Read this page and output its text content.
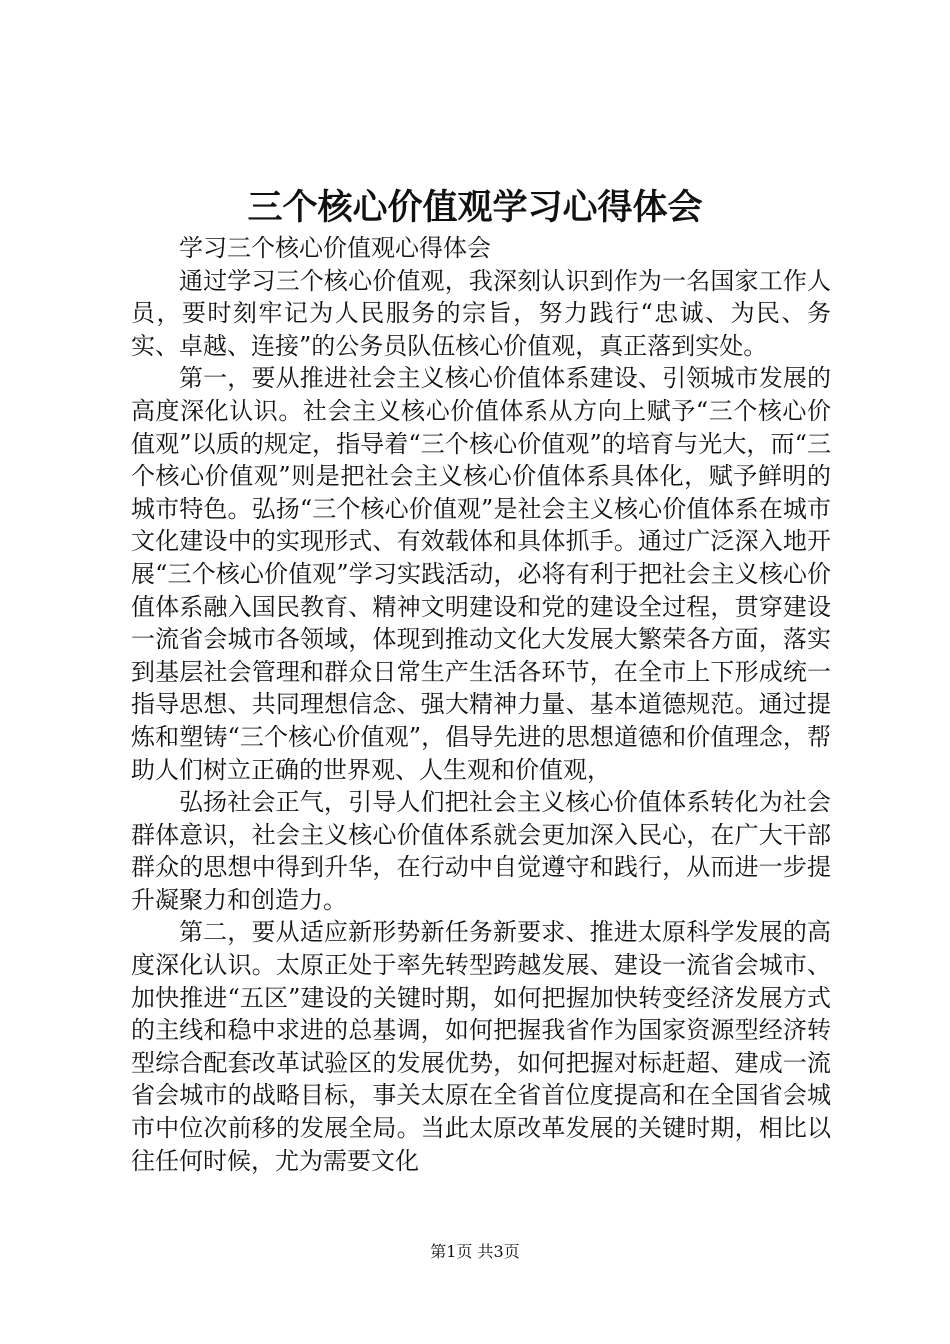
三个核心价值观学习心得体会

学习三个核心价值观心得体会

通过学习三个核心价值观，我深刻认识到作为一名国家工作人员，要时刻牢记为人民服务的宗旨，努力践行“忠诚、为民、务实、卓越、连接”的公务员队伍核心价值观，真正落到实处。

第一，要从推进社会主义核心价值体系建设、引领城市发展的高度深化认识。社会主义核心价值体系从方向上赋予“三个核心价值观”以质的规定，指导着“三个核心价值观”的培育与光大，而“三个核心价值观”则是把社会主义核心价值体系具体化，赋予鲜明的城市特色。弘扬“三个核心价值观”是社会主义核心价值体系在城市文化建设中的实现形式、有效载体和具体抓手。通过广泛深入地开展“三个核心价值观”学习实践活动，必将有利于把社会主义核心价值体系融入国民教育、精神文明建设和党的建设全过程，贯穿建设一流省会城市各领域，体现到推动文化大发展大繁荣各方面，落实到基层社会管理和群众日常生产生活各环节，在全市上下形成统一指导思想、共同理想信念、强大精神力量、基本道德规范。通过提炼和塑铸“三个核心价值观”，倡导先进的思想道德和价值理念，帮助人们树立正确的世界观、人生观和价值观，

弘扬社会正气，引导人们把社会主义核心价值体系转化为社会群体意识，社会主义核心价值体系就会更加深入民心，在广大干部群众的思想中得到升华，在行动中自觉遵守和践行，从而进一步提升凝聚力和创造力。

第二，要从适应新形势新任务新要求、推进太原科学发展的高度深化认识。太原正处于率先转型跨越发展、建设一流省会城市、加快推进“五区”建设的关键时期，如何把握加快转变经济发展方式的主线和稳中求进的总基调，如何把握我省作为国家资源型经济转型综合配套改革试验区的发展优势，如何把握对标赶超、建成一流省会城市的战略目标，事关太原在全省首位度提高和在全国省会城市中位次前移的发展全局。当此太原改革发展的关键时期，相比以往任何时候，尤为需要文化

第1页 共3页
